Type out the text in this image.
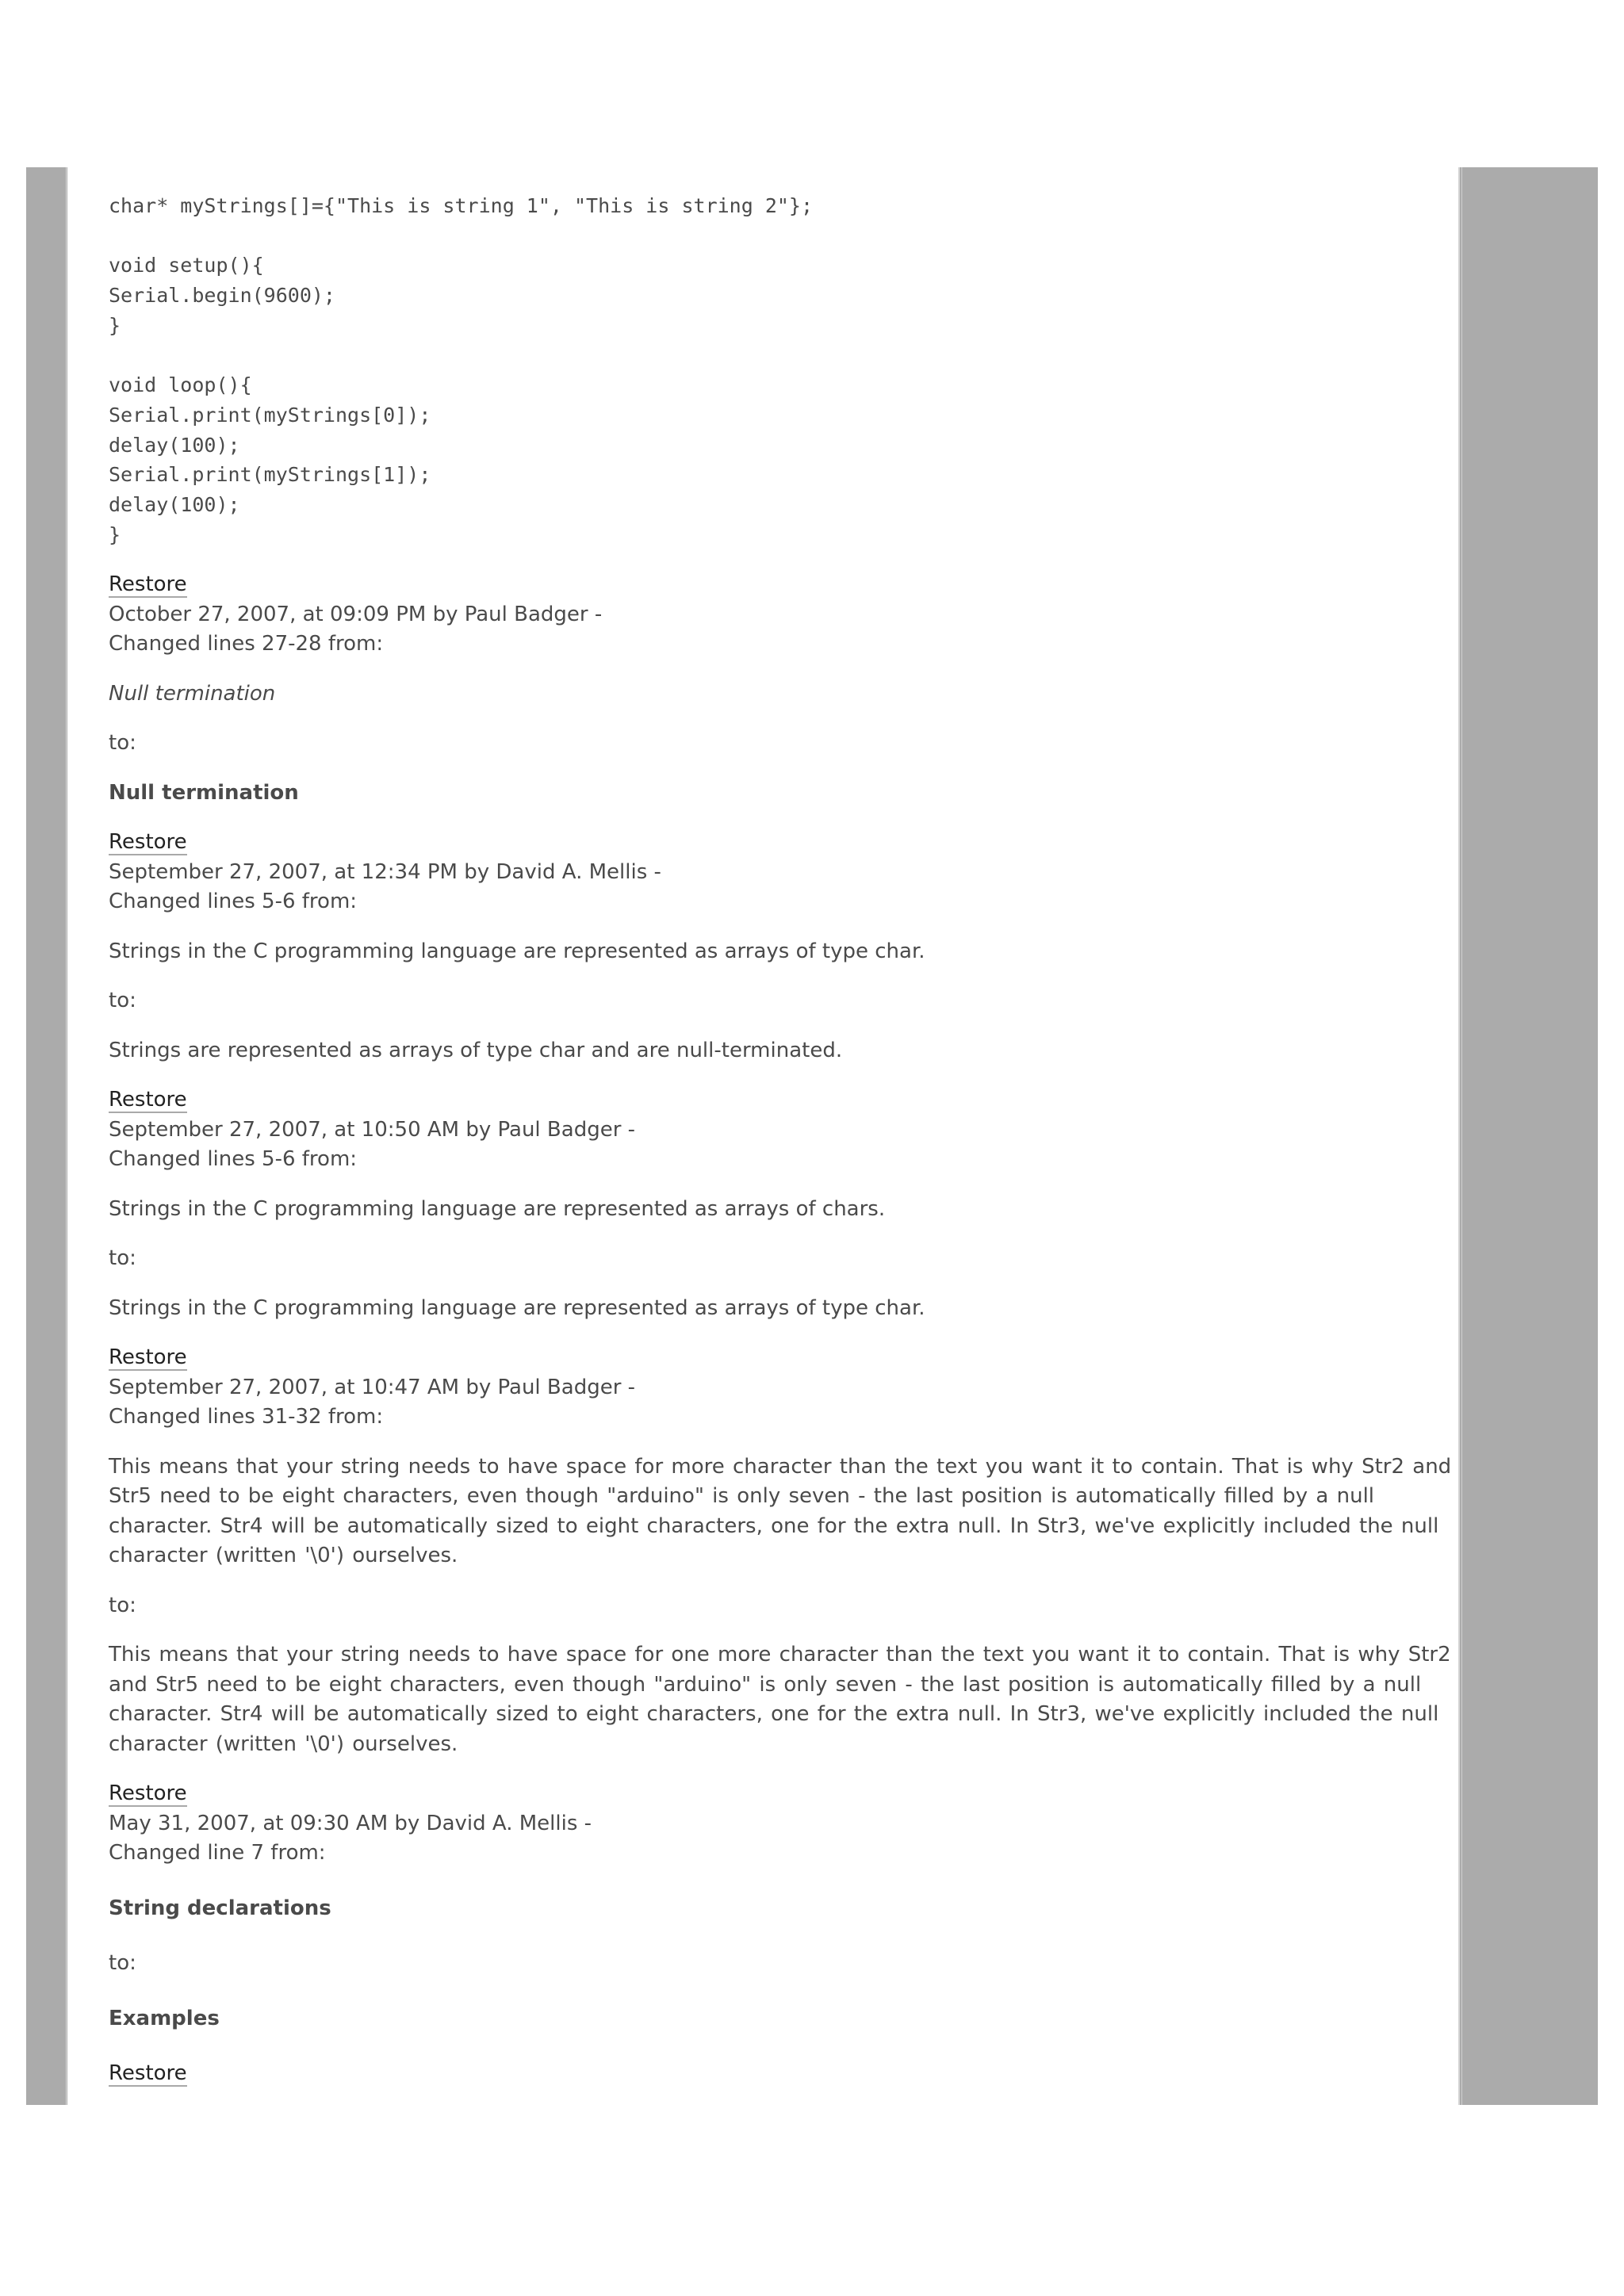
char* myStrings[]={"This is string 1", "This is string 2"};

void setup(){
Serial.begin(9600);
}

void loop(){
Serial.print(myStrings[0]);
delay(100);
Serial.print(myStrings[1]);
delay(100);
}
Restore
October 27, 2007, at 09:09 PM by Paul Badger -
Changed lines 27-28 from:

Null termination

to:

Null termination

Restore
September 27, 2007, at 12:34 PM by David A. Mellis -
Changed lines 5-6 from:

Strings in the C programming language are represented as arrays of type char.

to:

Strings are represented as arrays of type char and are null-terminated.

Restore
September 27, 2007, at 10:50 AM by Paul Badger -
Changed lines 5-6 from:

Strings in the C programming language are represented as arrays of chars.

to:

Strings in the C programming language are represented as arrays of type char.

Restore
September 27, 2007, at 10:47 AM by Paul Badger -
Changed lines 31-32 from:

This means that your string needs to have space for more character than the text you want it to contain. That is why Str2 and Str5 need to be eight characters, even though "arduino" is only seven - the last position is automatically filled by a null character. Str4 will be automatically sized to eight characters, one for the extra null. In Str3, we've explicitly included the null character (written '\0') ourselves.

to:

This means that your string needs to have space for one more character than the text you want it to contain. That is why Str2 and Str5 need to be eight characters, even though "arduino" is only seven - the last position is automatically filled by a null character. Str4 will be automatically sized to eight characters, one for the extra null. In Str3, we've explicitly included the null character (written '\0') ourselves.

Restore
May 31, 2007, at 09:30 AM by David A. Mellis -
Changed line 7 from:

String declarations

to:

Examples

Restore
